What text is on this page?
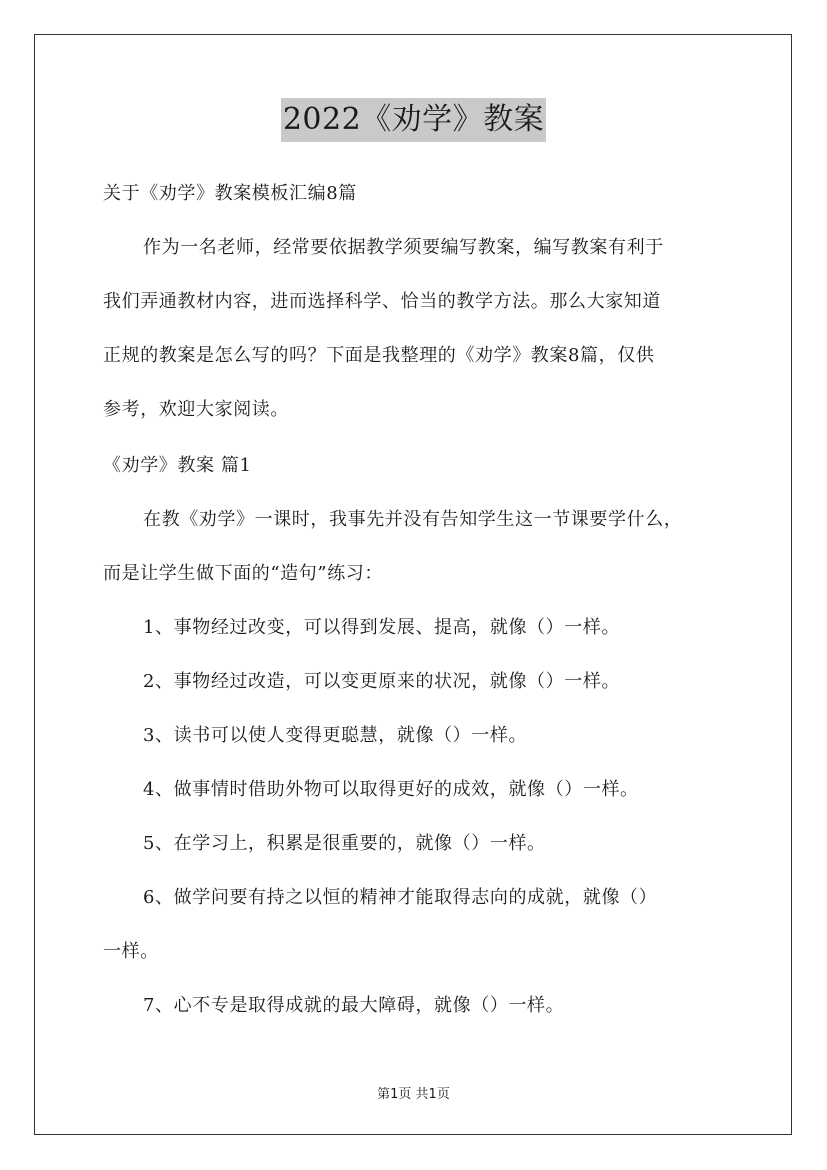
2022《劝学》教案
关于《劝学》教案模板汇编8篇
作为一名老师，经常要依据教学须要编写教案，编写教案有利于
我们弄通教材内容，进而选择科学、恰当的教学方法。那么大家知道
正规的教案是怎么写的吗？下面是我整理的《劝学》教案8篇，仅供
参考，欢迎大家阅读。
《劝学》教案 篇1
在教《劝学》一课时，我事先并没有告知学生这一节课要学什么，
而是让学生做下面的“造句”练习：
1、事物经过改变，可以得到发展、提高，就像（）一样。
2、事物经过改造，可以变更原来的状况，就像（）一样。
3、读书可以使人变得更聪慧，就像（）一样。
4、做事情时借助外物可以取得更好的成效，就像（）一样。
5、在学习上，积累是很重要的，就像（）一样。
6、做学问要有持之以恒的精神才能取得志向的成就，就像（）
一样。
7、心不专是取得成就的最大障碍，就像（）一样。
第1页 共1页
